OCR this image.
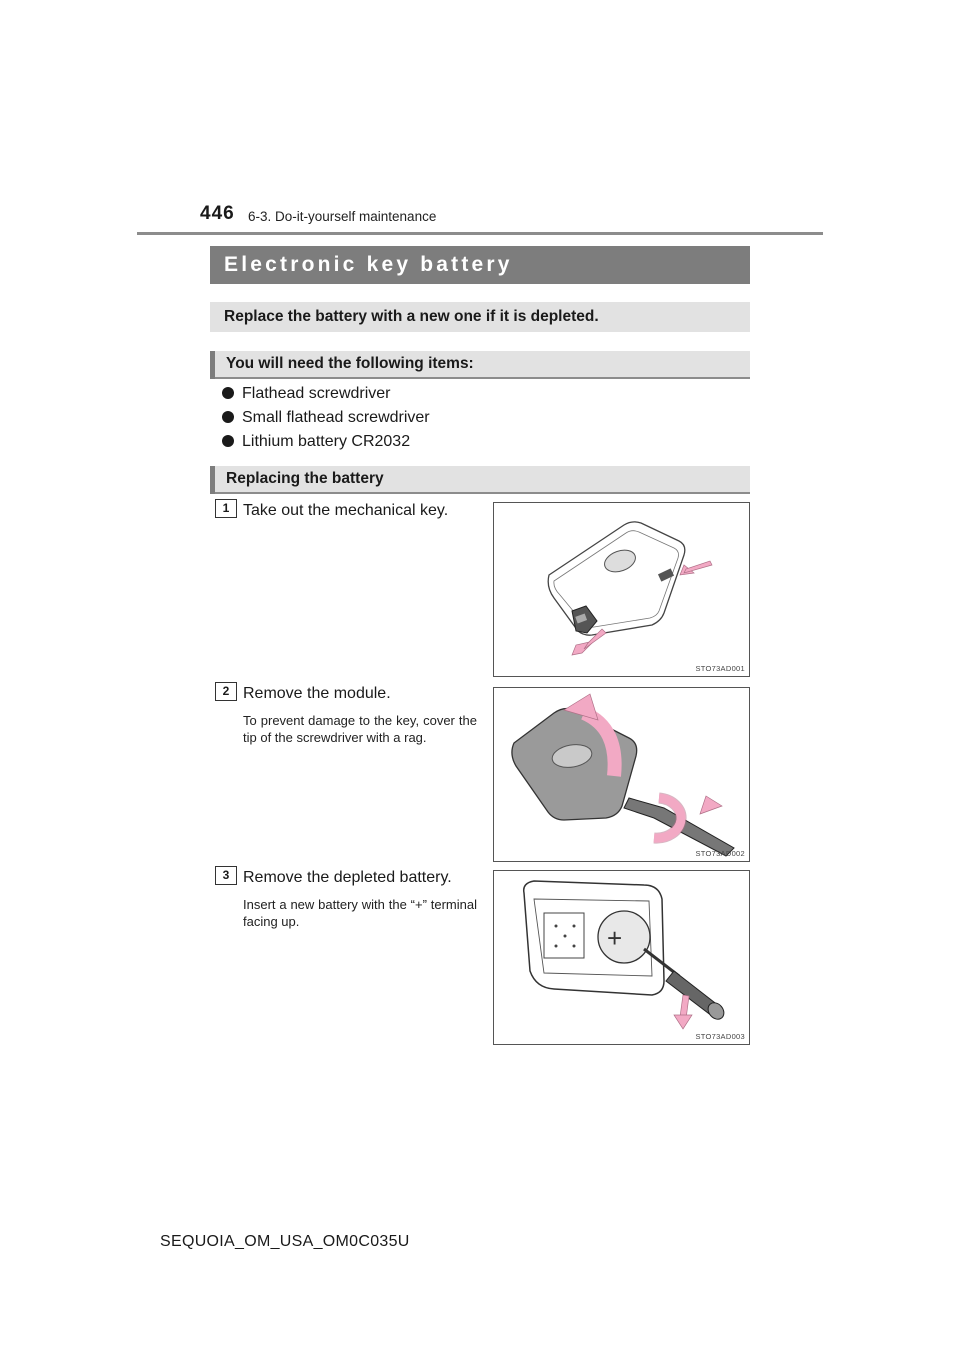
446 6-3. Do-it-yourself maintenance
Electronic key battery
Replace the battery with a new one if it is depleted.
You will need the following items:
Flathead screwdriver
Small flathead screwdriver
Lithium battery CR2032
Replacing the battery
1 Take out the mechanical key.
STO73AD001
2 Remove the module.
To prevent damage to the key, cover the tip of the screwdriver with a rag.
STO73AD002
3 Remove the depleted battery.
Insert a new battery with the “+” terminal facing up.
+
STO73AD003
SEQUOIA_OM_USA_OM0C035U
